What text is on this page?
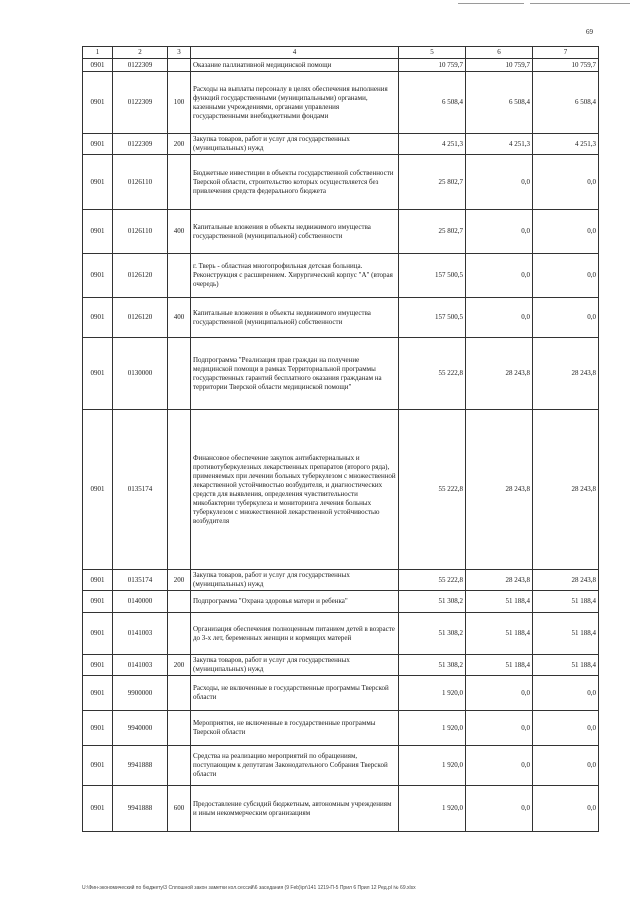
69
1	2	3	4	5	6	7
0901	0122309		Оказание паллиативной медицинской помощи	10 759,7	10 759,7	10 759,7
0901	0122309	100	Расходы на выплаты персоналу в целях обеспечения выполнения функций государственными (муниципальными) органами, казенными учреждениями, органами управления государственными внебюджетными фондами	6 508,4	6 508,4	6 508,4
0901	0122309	200	Закупка товаров, работ и услуг для государственных (муниципальных) нужд	4 251,3	4 251,3	4 251,3
0901	0126110		Бюджетные инвестиции в объекты государственной собственности Тверской области, строительство которых осуществляется без привлечения средств федерального бюджета	25 802,7	0,0	0,0
0901	0126110	400	Капитальные вложения в объекты недвижимого имущества государственной (муниципальной) собственности	25 802,7	0,0	0,0
0901	0126120		г. Тверь - областная многопрофильная детская больница. Реконструкция с расширением. Хирургический корпус "А" (вторая очередь)	157 500,5	0,0	0,0
0901	0126120	400	Капитальные вложения в объекты недвижимого имущества государственной (муниципальной) собственности	157 500,5	0,0	0,0
0901	0130000		Подпрограмма "Реализация прав граждан на получение медицинской помощи в рамках Территориальной программы государственных гарантий бесплатного оказания гражданам на территории Тверской области медицинской помощи"	55 222,8	28 243,8	28 243,8
0901	0135174		Финансовое обеспечение закупок антибактериальных и противотуберкулезных лекарственных препаратов (второго ряда), применяемых при лечении больных туберкулезом с множественной лекарственной устойчивостью возбудителя, и диагностических средств для выявления, определения чувствительности микобактерии туберкулеза и мониторинга лечения больных туберкулезом с множественной лекарственной устойчивостью возбудителя	55 222,8	28 243,8	28 243,8
0901	0135174	200	Закупка товаров, работ и услуг для государственных (муниципальных) нужд	55 222,8	28 243,8	28 243,8
0901	0140000		Подпрограмма "Охрана здоровья матери и ребенка"	51 308,2	51 188,4	51 188,4
0901	0141003		Организация обеспечения полноценным питанием детей в возрасте до 3-х лет, беременных женщин и кормящих матерей	51 308,2	51 188,4	51 188,4
0901	0141003	200	Закупка товаров, работ и услуг для государственных (муниципальных) нужд	51 308,2	51 188,4	51 188,4
0901	9900000		Расходы, не включенные в государственные программы Тверской области	1 920,0	0,0	0,0
0901	9940000		Мероприятия, не включенные в государственные программы Тверской области	1 920,0	0,0	0,0
0901	9941888		Средства на реализацию мероприятий по обращениям, поступающим к депутатам Законодательного Собрания Тверской области	1 920,0	0,0	0,0
0901	9941888	600	Предоставление субсидий бюджетным, автономным учреждениям и иным некоммерческим организациям	1 920,0	0,0	0,0
U:\Фин-экономический по бюджету\3 Сплошной закон заметки кол.сессий\6 заседания (9 Feb)\pr\141 1219-П-5 Прил 6 Прил 12 Ред.pl № 69.xlsx
